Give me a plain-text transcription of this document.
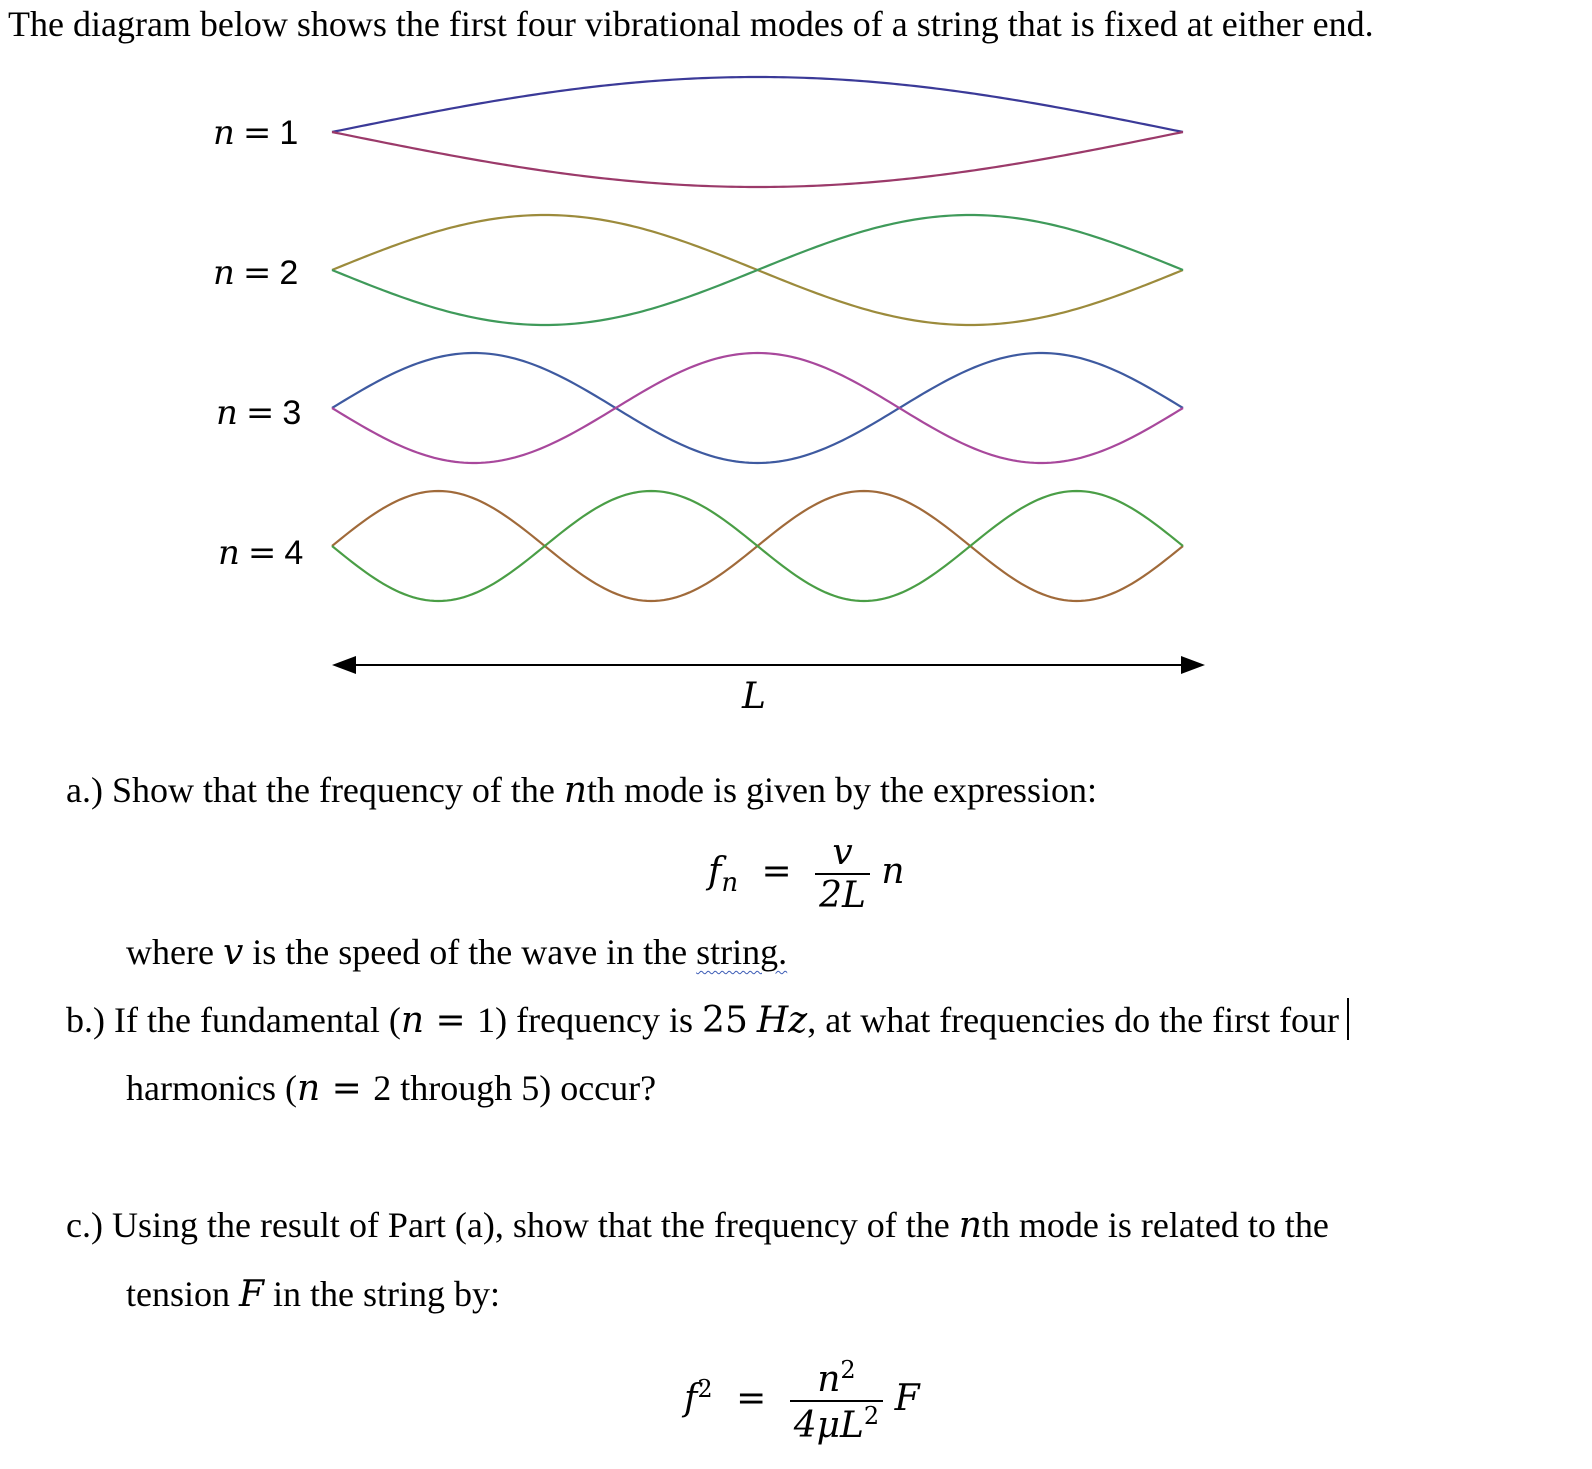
The diagram below shows the first four vibrational modes of a string that is fixed at either end.
n = 1
n = 2
n = 3
n = 4
L
a.) Show that the frequency of the nth mode is given by the expression:
$f_n = \frac{v}{2L}$ n
where v is the speed of the wave in the string.
b.) If the fundamental (n = 1) frequency is 25 Hz, at what frequencies do the first four
harmonics (n = 2 through 5) occur?
c.) Using the result of Part (a), show that the frequency of the nth mode is related to the
tension F in the string by:
$f^2 = \frac{n^2}{4\mu L^2}$ F
